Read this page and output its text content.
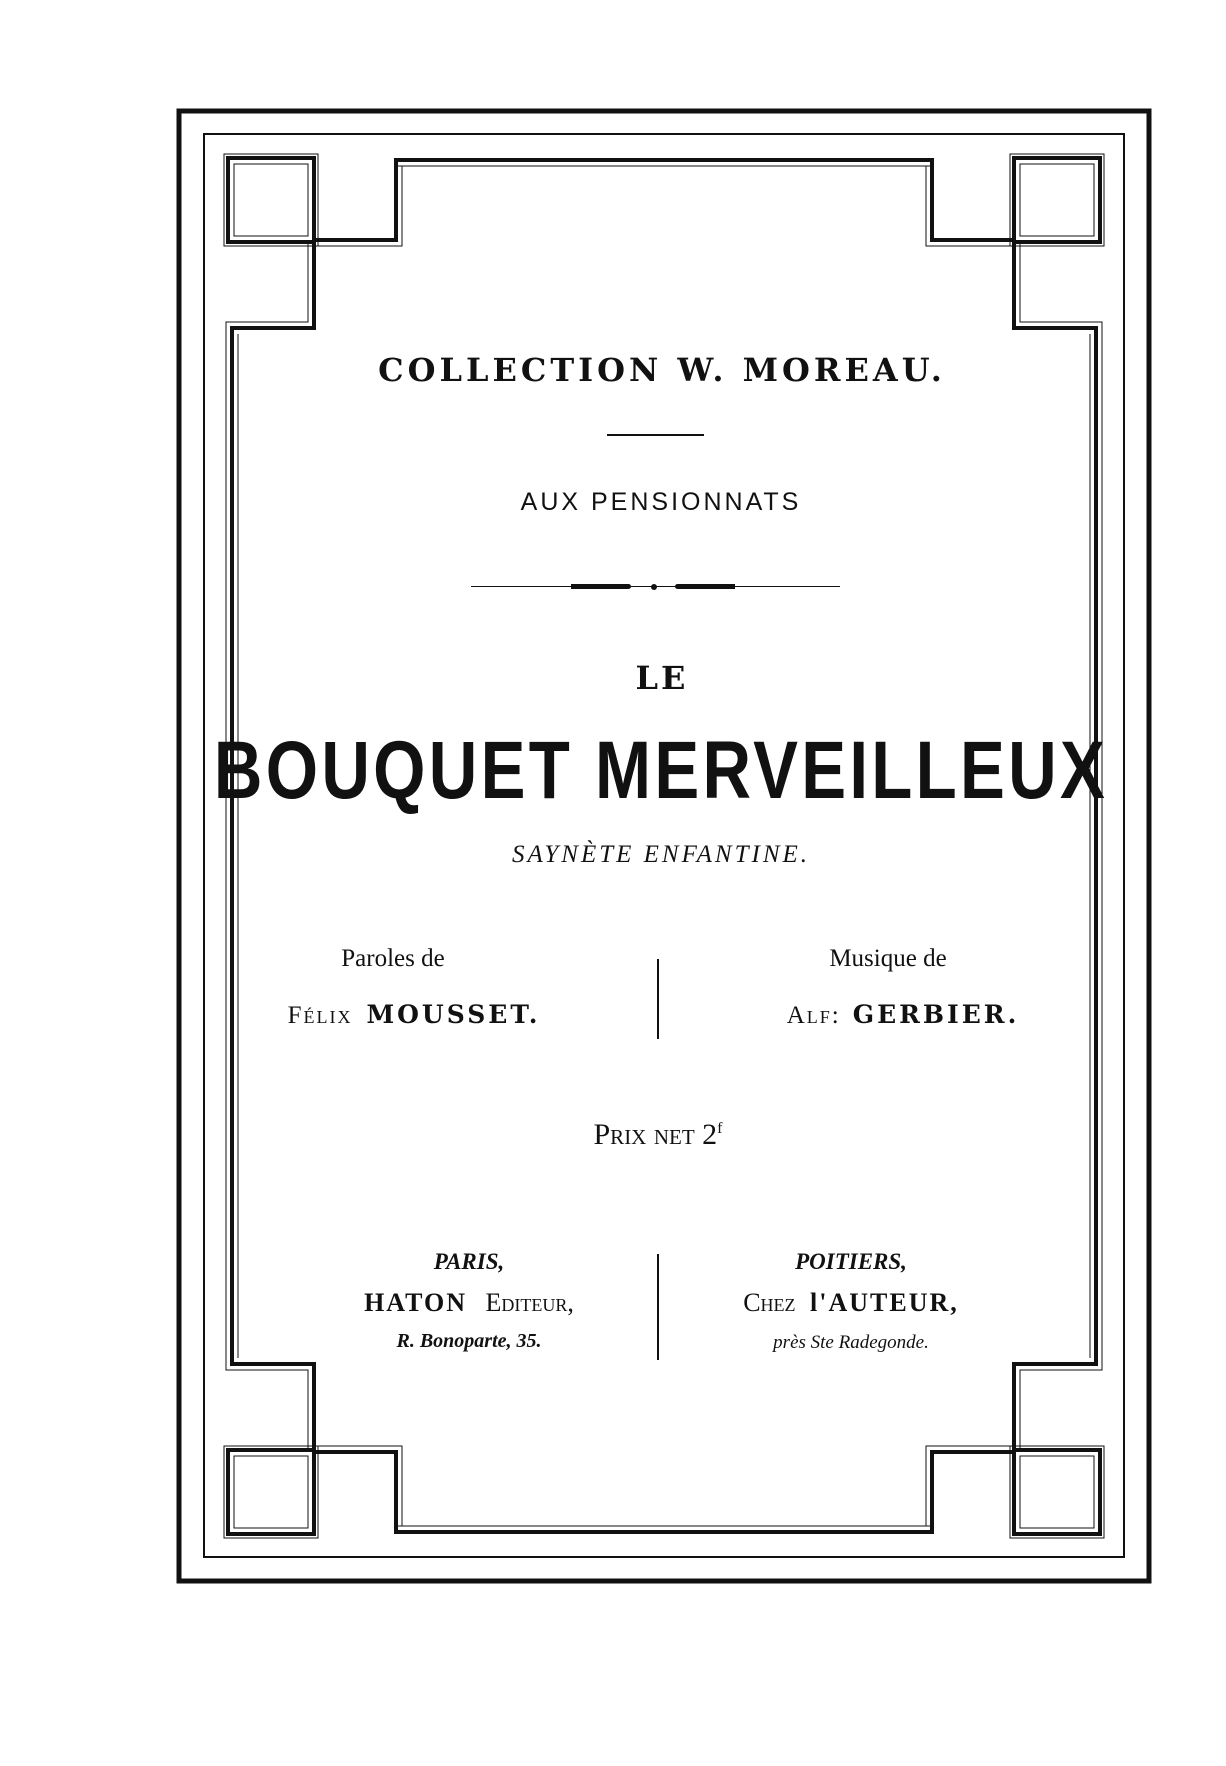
COLLECTION W. MOREAU.
AUX PENSIONNATS
LE
BOUQUET MERVEILLEUX
SAYNÈTE ENFANTINE.
Paroles de
Félix MOUSSET.
Musique de
Alf: GERBIER.
Prix net 2$^f$
PARIS,
HATON Editeur,
R. Bonoparte, 35.
POITIERS,
Chez l'AUTEUR,
près Ste Radegonde.
